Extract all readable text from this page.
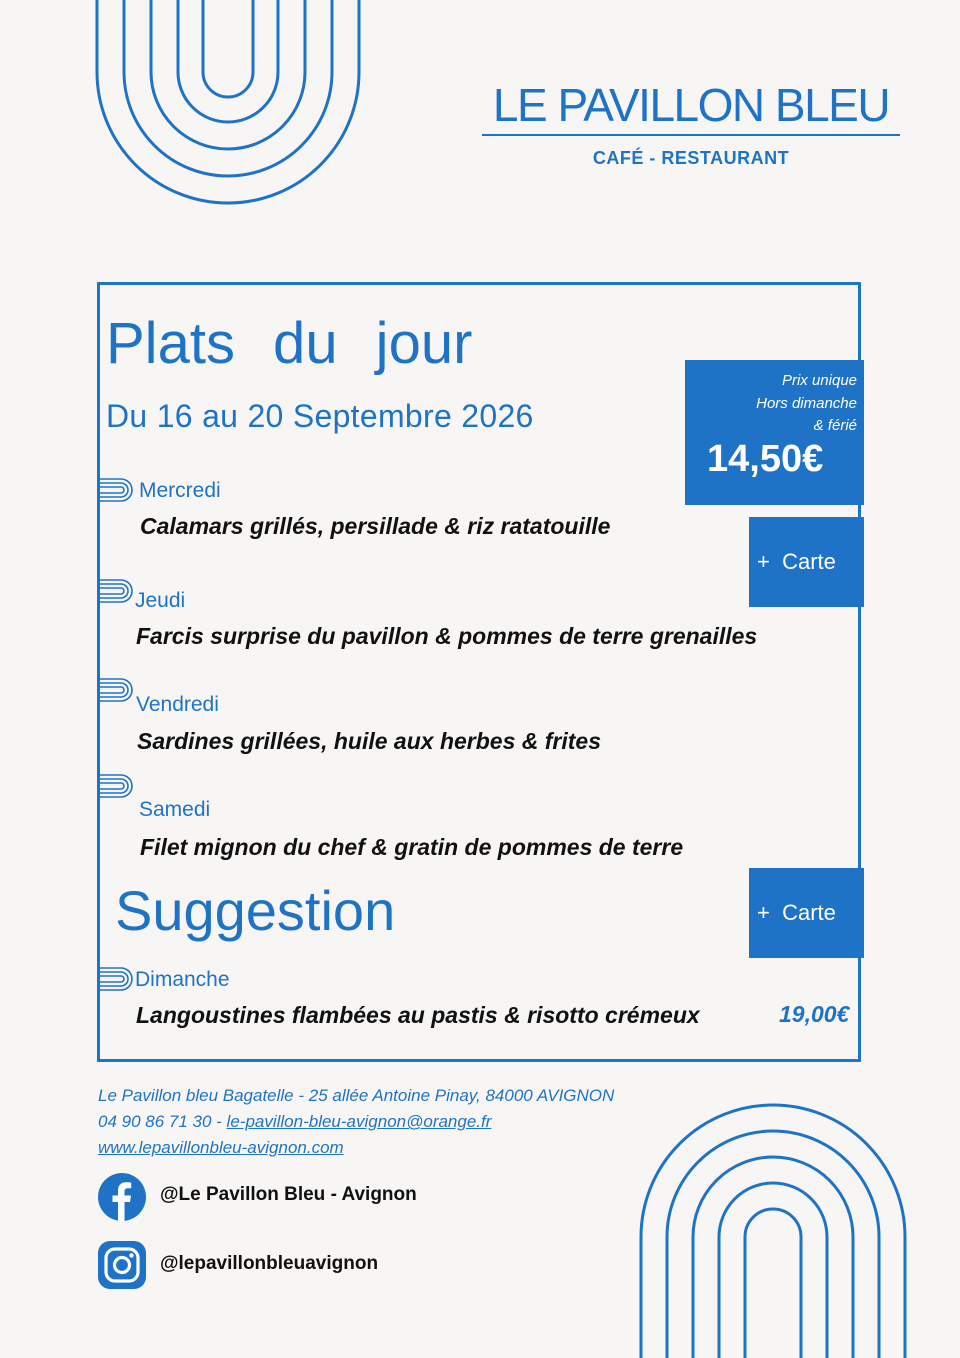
LE PAVILLON BLEU
CAFÉ - RESTAURANT
Plats du jour
Du 16 au 20 Septembre 2026
Prix unique
Hors dimanche
& férié
14,50€
+  Carte
Mercredi
Calamars grillés, persillade & riz ratatouille
Jeudi
Farcis surprise du pavillon & pommes de terre grenailles
Vendredi
Sardines grillées, huile aux herbes & frites
Samedi
Filet mignon du chef & gratin de pommes de terre
Suggestion	+  Carte
Dimanche
Langoustines flambées au pastis & risotto crémeux	19,00€
Le Pavillon bleu Bagatelle - 25 allée Antoine Pinay, 84000 AVIGNON
04 90 86 71 30 - le-pavillon-bleu-avignon@orange.fr
www.lepavillonbleu-avignon.com
@Le Pavillon Bleu - Avignon
@lepavillonbleuavignon
